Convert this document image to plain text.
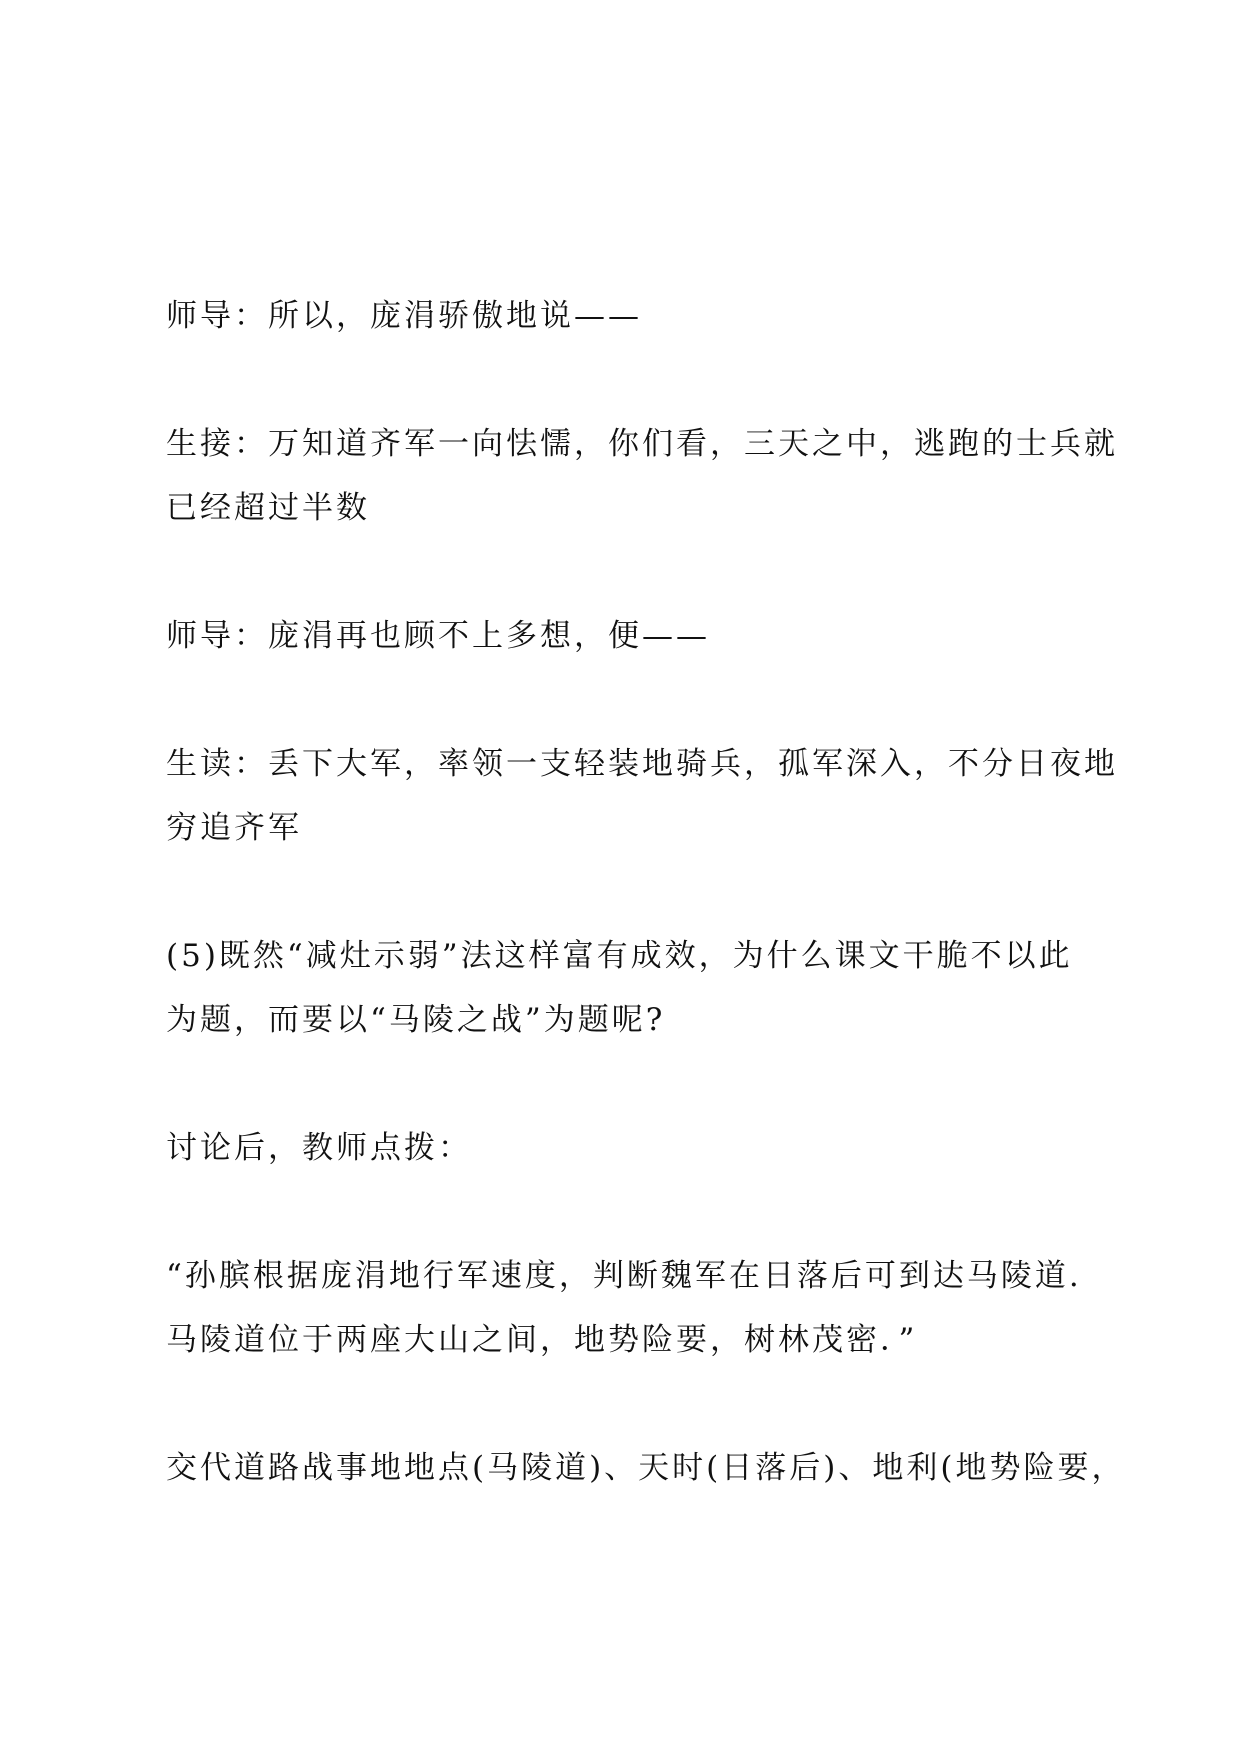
师导：所以，庞涓骄傲地说——

生接：万知道齐军一向怯懦，你们看，三天之中，逃跑的士兵就
已经超过半数

师导：庞涓再也顾不上多想，便——

生读：丢下大军，率领一支轻装地骑兵，孤军深入，不分日夜地
穷追齐军

(5)既然“减灶示弱”法这样富有成效，为什么课文干脆不以此
为题，而要以“马陵之战”为题呢?

讨论后，教师点拨：

“孙膑根据庞涓地行军速度，判断魏军在日落后可到达马陵道.
马陵道位于两座大山之间，地势险要，树林茂密．”

交代道路战事地地点(马陵道)、天时(日落后)、地利(地势险要，
